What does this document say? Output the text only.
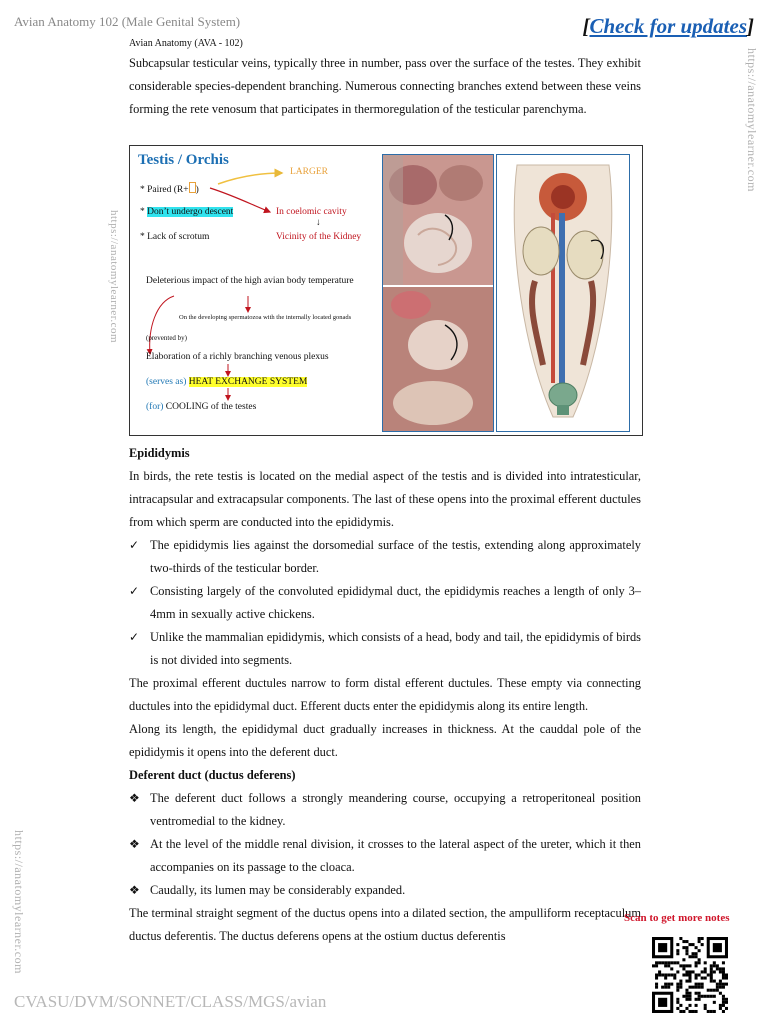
Avian Anatomy 102 (Male Genital System)	[Check for updates]
Avian Anatomy (AVA - 102)
https://anatomylearner.com
https://anatomylearner.com

Subcapsular testicular veins, typically three in number, pass over the surface of the testes. They exhibit considerable species-dependent branching. Numerous connecting branches extend between these veins forming the rete venosum that participates in thermoregulation of the testicular parenchyma.

Testis / Orchis
* Paired (R+ )
LARGER
* Don’t undergo descent	In coelomic cavity
↓
Vicinity of the Kidney
* Lack of scrotum
Deleterious impact of the high avian body temperature
On the developing spermatozoa with the internally located gonads
(prevented by)
Elaboration of a richly branching venous plexus
(serves as) HEAT EXCHANGE SYSTEM
(for) COOLING of the testes
https://anatomylearner.com

Epididymis

In birds, the rete testis is located on the medial aspect of the testis and is divided into intratesticular, intracapsular and extracapsular components. The last of these opens into the proximal efferent ductules from which sperm are conducted into the epididymis.

✓ The epididymis lies against the dorsomedial surface of the testis, extending along approximately two-thirds of the testicular border.
✓ Consisting largely of the convoluted epididymal duct, the epididymis reaches a length of only 3–4mm in sexually active chickens.
✓ Unlike the mammalian epididymis, which consists of a head, body and tail, the epididymis of birds is not divided into segments.

The proximal efferent ductules narrow to form distal efferent ductules. These empty via connecting ductules into the epididymal duct. Efferent ducts enter the epididymis along its entire length.

Along its length, the epididymal duct gradually increases in thickness. At the cauddal pole of the epididymis it opens into the deferent duct.

Deferent duct (ductus deferens)

❖ The deferent duct follows a strongly meandering course, occupying a retroperitoneal position ventromedial to the kidney.
❖ At the level of the middle renal division, it crosses to the lateral aspect of the ureter, which it then accompanies on its passage to the cloaca.
❖ Caudally, its lumen may be considerably expanded.

The terminal straight segment of the ductus opens into a dilated section, the ampulliform receptaculum ductus deferentis. The ductus deferens opens at the ostium ductus deferentis

CVASU/DVM/SONNET/CLASS/MGS/avian
Scan to get more notes
